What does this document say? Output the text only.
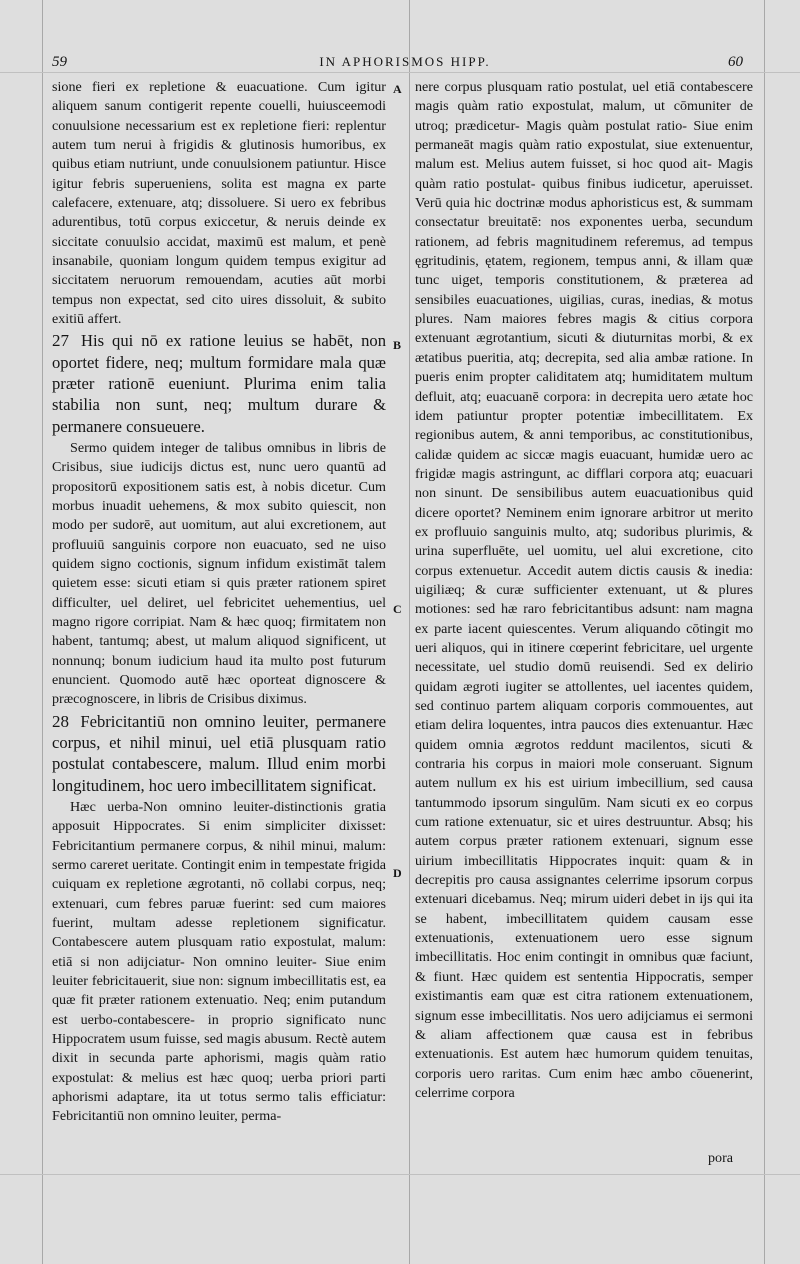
59	IN APHORISMOS HIPP.	60
A
B
C
D

sione fieri ex repletione & euacuatione. Cum igitur aliquem sanum contigerit repente couelli, huiusceemodi conuulsione necessarium est ex repletione fieri: replentur autem tum nerui à frigidis & glutinosis humoribus, ex quibus etiam nutriunt, unde conuulsionem patiuntur. Hisce igitur febris superueniens, solita est magna ex parte calefacere, extenuare, atq; dissoluere. Si uero ex febribus adurentibus, totū corpus exiccetur, & neruis deinde ex siccitate conuulsio accidat, maximū est malum, et penè insanabile, quoniam longum quidem tempus exigitur ad siccitatem neruorum remouendam, acuties aūt morbi tempus non expectat, sed cito uires dissoluit, & subito exitiū affert.

27 His qui nō ex ratione leuius se habēt, non oportet fidere, neq; multum formidare mala quæ præter rationē eueniunt. Plurima enim talia stabilia non sunt, neq; multum durare & permanere consueuere.

Sermo quidem integer de talibus omnibus in libris de Crisibus, siue iudicijs dictus est, nunc uero quantū ad propositorū expositionem satis est, à nobis dicetur. Cum morbus inuadit uehemens, & mox subito quiescit, non modo per sudorē, aut uomitum, aut alui excretionem, aut profluuiū sanguinis corpore non euacuato, sed ne uiso quidem signo coctionis, signum infidum existimāt talem quietem esse: sicuti etiam si quis præter rationem spiret difficulter, uel deliret, uel febricitet uehementius, uel magno rigore corripiat. Nam & hæc quoq; firmitatem non habent, tantumq; abest, ut malum aliquod significent, ut nonnunq; bonum iudicium haud ita multo post futurum enuncient. Quomodo autē hæc oporteat dignoscere & præcognoscere, in libris de Crisibus diximus.

28 Febricitantiū non omnino leuiter, permanere corpus, et nihil minui, uel etiā plusquam ratio postulat contabescere, malum. Illud enim morbi longitudinem, hoc uero imbecillitatem significat.

Hæc uerba-Non omnino leuiter-distinctionis gratia apposuit Hippocrates. Si enim simpliciter dixisset: Febricitantium permanere corpus, & nihil minui, malum: sermo careret ueritate. Contingit enim in tempestate frigida cuiquam ex repletione ægrotanti, nō collabi corpus, neq; extenuari, cum febres paruæ fuerint: sed cum maiores fuerint, multam adesse repletionem significatur. Contabescere autem plusquam ratio expostulat, malum: etiā si non adijciatur- Non omnino leuiter- Siue enim leuiter febricitauerit, siue non: signum imbecillitatis est, ea quæ fit præter rationem extenuatio. Neq; enim putandum est uerbo-contabescere- in proprio significato nunc Hippocratem usum fuisse, sed magis abusum. Rectè autem dixit in secunda parte aphorismi, magis quàm ratio expostulat: & melius est hæc quoq; uerba priori parti aphorismi adaptare, ita ut totus sermo talis efficiatur: Febricitantiū non omnino leuiter, perma-

nere corpus plusquam ratio postulat, uel etiā contabescere magis quàm ratio expostulat, malum, ut cōmuniter de utroq; prædicetur- Magis quàm postulat ratio- Siue enim permaneāt magis quàm ratio expostulat, siue extenuentur, malum est. Melius autem fuisset, si hoc quod ait- Magis quàm ratio postulat- quibus finibus iudicetur, aperuisset. Verū quia hic doctrinæ modus aphoristicus est, & summam consectatur breuitatē: nos exponentes uerba, secundum rationem, ad febris magnitudinem referemus, ad tempus ęgritudinis, ętatem, regionem, tempus anni, & illam quæ tunc uiget, temporis constitutionem, & præterea ad sensibiles euacuationes, uigilias, curas, inedias, & motus plures. Nam maiores febres magis & citius corpora extenuant ægrotantium, sicuti & diuturnitas morbi, & ex ætatibus pueritia, atq; decrepita, sed alia ambæ ratione. In pueris enim propter caliditatem atq; humiditatem multum defluit, atq; euacuanē corpora: in decrepita uero ætate hoc idem patiuntur propter potentiæ imbecillitatem. Ex regionibus autem, & anni temporibus, ac constitutionibus, calidæ quidem ac siccæ magis euacuant, humidæ uero ac frigidæ magis astringunt, ac difflari corpora atq; euacuari non sinunt. De sensibilibus autem euacuationibus quid dicere oportet? Neminem enim ignorare arbitror ut merito ex profluuio sanguinis multo, atq; sudoribus plurimis, & urina superfluēte, uel uomitu, uel alui excretione, cito corpus extenuetur. Accedit autem dictis causis & inedia: uigiliæq; & curæ sufficienter extenuant, ut & plures motiones: sed hæ raro febricitantibus adsunt: nam magna ex parte iacent quiescentes. Verum aliquando cōtingit mo ueri aliquos, qui in itinere cœperint febricitare, uel urgente necessitate, uel studio domū reuisendi. Sed ex delirio quidam ægroti iugiter se attollentes, uel iacentes quidem, sed continuo partem aliquam corporis commouentes, aut etiam delira loquentes, intra paucos dies extenuantur. Hæc quidem omnia ægrotos reddunt macilentos, sicuti & contraria his corpus in maiori mole conseruant. Signum autem nullum ex his est uirium imbecillium, sed causa tantummodo ipsorum singulūm. Nam sicuti ex eo corpus cum ratione extenuatur, sic et uires destruuntur. Absq; his autem corpus præter rationem extenuari, signum esse uirium imbecillitatis Hippocrates inquit: quam & in decrepitis pro causa assignantes celerrime ipsorum corpus extenuari dicebamus. Neq; mirum uideri debet in ijs qui ita se habent, imbecillitatem quidem causam esse extenuationis, extenuationem uero esse signum imbecillitatis. Hoc enim contingit in omnibus quæ faciunt, & fiunt. Hæc quidem est sententia Hippocratis, semper existimantis eam quæ est citra rationem extenuationem, signum esse imbecillitatis. Nos uero adijciamus ei sermoni & aliam affectionem quæ causa est in febribus extenuationis. Est autem hæc humorum quidem tenuitas, corporis uero raritas. Cum enim hæc ambo cōuenerint, celerrime corpora

pora
